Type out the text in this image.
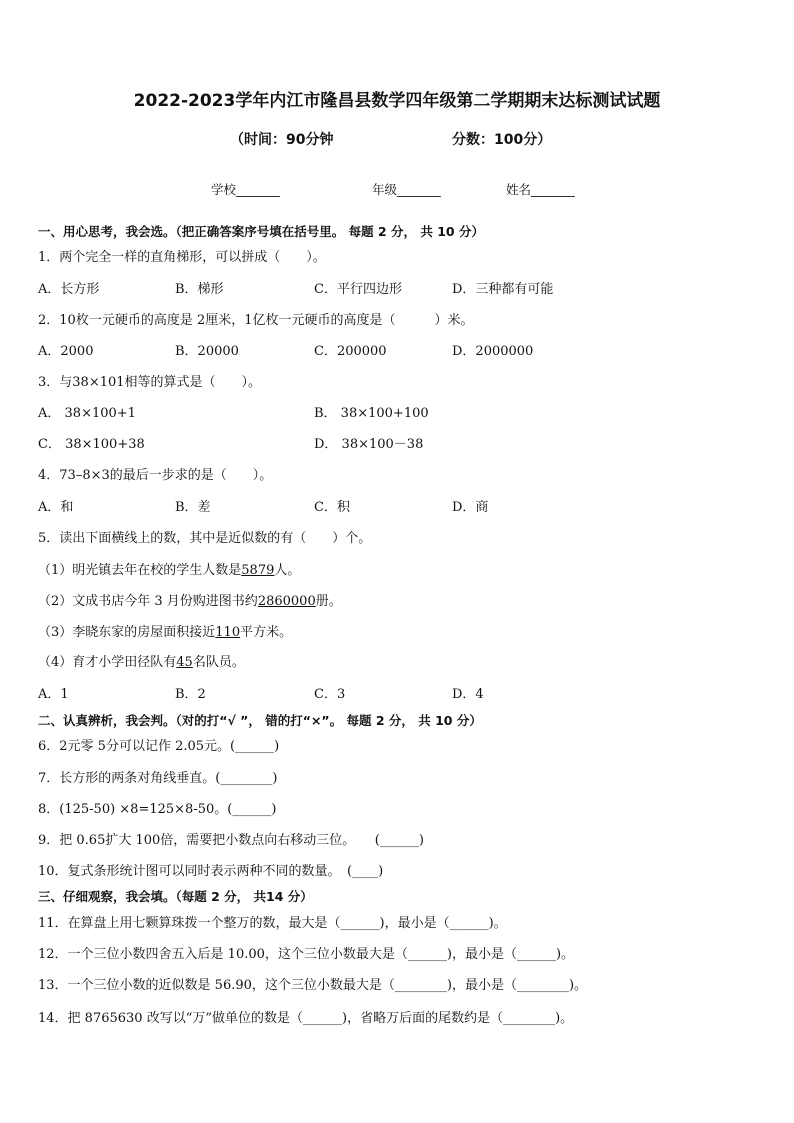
2022-2023学年内江市隆昌县数学四年级第二学期期末达标测试试题
（时间：90分钟	分数：100分）
学校_______	年级_______	姓名_______
一、用心思考，我会选。（把正确答案序号填在括号里。 每题 2 分， 共 10 分）
1．两个完全一样的直角梯形，可以拼成（　　）。
A．长方形	B．梯形	C．平行四边形	D．三种都有可能
2．10枚一元硬币的高度是 2厘米，1亿枚一元硬币的高度是（　　　）米。
A．2000	B．20000	C．200000	D．2000000
3．与38×101相等的算式是（　　）。
A． 38×100+1	B． 38×100+100
C． 38×100+38	D． 38×100－38
4．73–8×3的最后一步求的是（　　）。
A．和	B．差	C．积	D．商
5．读出下面横线上的数，其中是近似数的有（　　）个。
（1）明光镇去年在校的学生人数是5879人。
（2）文成书店今年 3 月份购进图书约2860000册。
（3）李晓东家的房屋面积接近110平方米。
（4）育才小学田径队有45名队员。
A．1	B．2	C．3	D．4
二、认真辨析，我会判。（对的打“√ ”， 错的打“×”。 每题 2 分， 共 10 分）
6．2元零 5分可以记作 2.05元。(______)
7．长方形的两条对角线垂直。(________)
8．(125-50) ×8=125×8-50。(______)
9．把 0.65扩大 100倍，需要把小数点向右移动三位。　　(______)
10．复式条形统计图可以同时表示两种不同的数量。　(____)
三、仔细观察，我会填。（每题 2 分， 共14 分）
11．在算盘上用七颗算珠拨一个整万的数，最大是（______)，最小是（______)。
12．一个三位小数四舍五入后是 10.00，这个三位小数最大是（______)，最小是（______)。
13．一个三位小数的近似数是 56.90，这个三位小数最大是（________)，最小是（________)。
14．把 8765630 改写以“万”做单位的数是（______)，省略万后面的尾数约是（________)。
